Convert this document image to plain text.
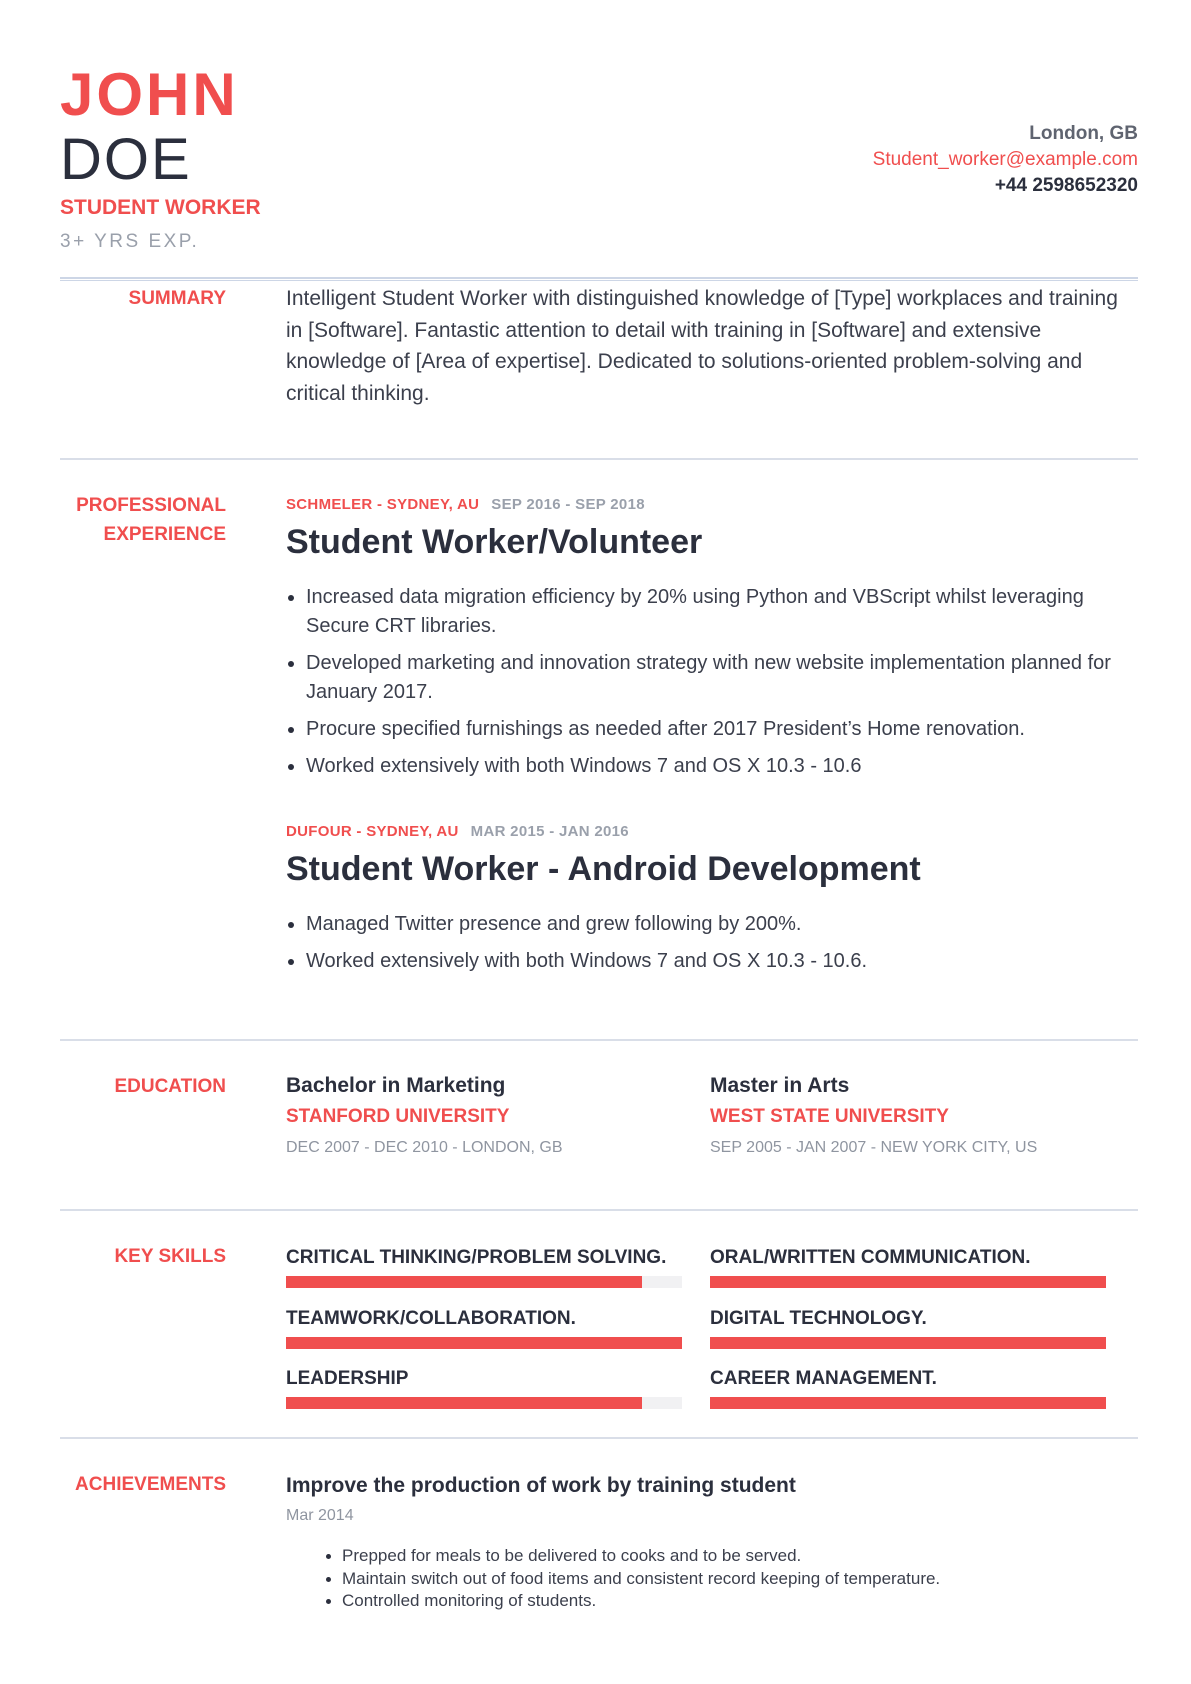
JOHN
DOE
STUDENT WORKER
3+ YRS EXP.
London, GB
Student_worker@example.com
+44 2598652320
SUMMARY	Intelligent Student Worker with distinguished knowledge of [Type] workplaces and training in [Software]. Fantastic attention to detail with training in [Software] and extensive knowledge of [Area of expertise]. Dedicated to solutions-oriented problem-solving and critical thinking.

PROFESSIONAL
EXPERIENCE
SCHMELER - SYDNEY, AU SEP 2016 - SEP 2018
Student Worker/Volunteer
Increased data migration efficiency by 20% using Python and VBScript whilst leveraging Secure CRT libraries.
Developed marketing and innovation strategy with new website implementation planned for January 2017.
Procure specified furnishings as needed after 2017 President’s Home renovation.
Worked extensively with both Windows 7 and OS X 10.3 - 10.6
DUFOUR - SYDNEY, AU MAR 2015 - JAN 2016
Student Worker - Android Development
Managed Twitter presence and grew following by 200%.
Worked extensively with both Windows 7 and OS X 10.3 - 10.6.
EDUCATION	Bachelor in Marketing
STANFORD UNIVERSITY
DEC 2007 - DEC 2010 - LONDON, GB
Master in Arts
WEST STATE UNIVERSITY
SEP 2005 - JAN 2007 - NEW YORK CITY, US
KEY SKILLS	CRITICAL THINKING/PROBLEM SOLVING.	ORAL/WRITTEN COMMUNICATION.
TEAMWORK/COLLABORATION.	DIGITAL TECHNOLOGY.
LEADERSHIP	CAREER MANAGEMENT.
ACHIEVEMENTS	Improve the production of work by training student
Mar 2014
Prepped for meals to be delivered to cooks and to be served.
Maintain switch out of food items and consistent record keeping of temperature.
Controlled monitoring of students.
